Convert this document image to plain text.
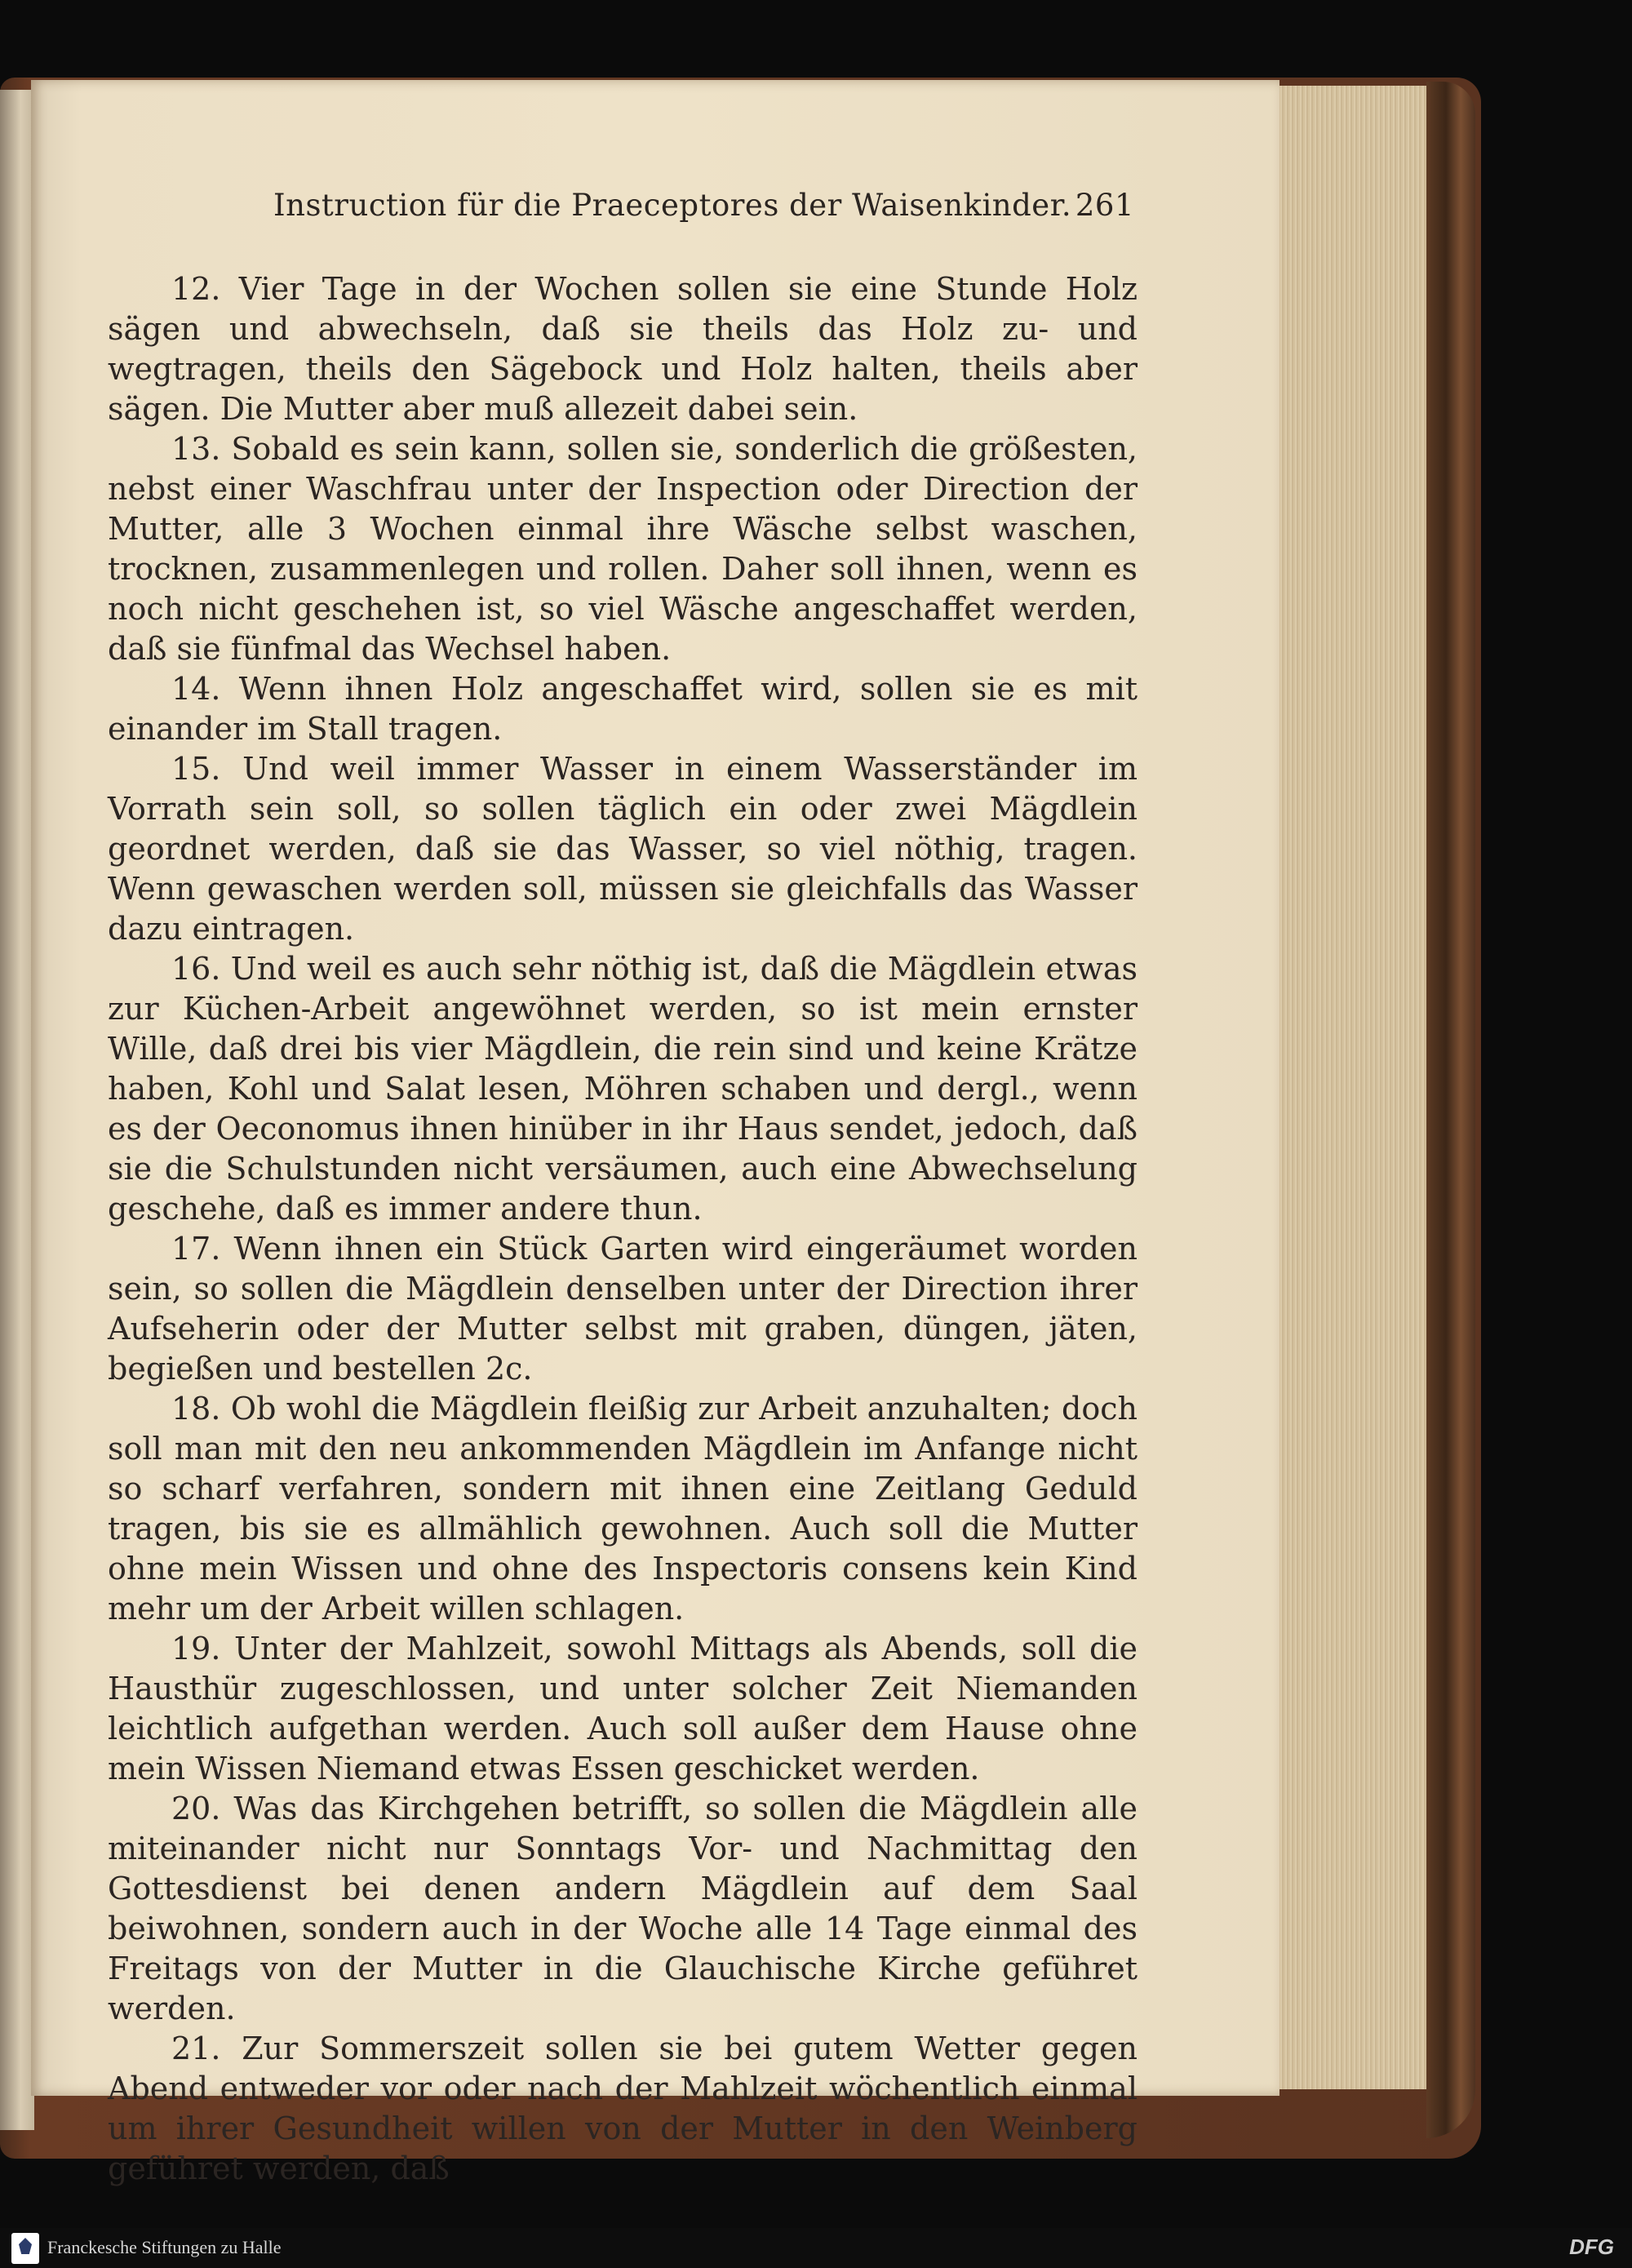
Instruction für die Praeceptores der Waisenkinder. 261

12. Vier Tage in der Wochen sollen sie eine Stunde Holz sägen und abwechseln, daß sie theils das Holz zu- und wegtragen, theils den Sägebock und Holz halten, theils aber sägen. Die Mutter aber muß allezeit dabei sein.

13. Sobald es sein kann, sollen sie, sonderlich die größesten, nebst einer Waschfrau unter der Inspection oder Direction der Mutter, alle 3 Wochen einmal ihre Wäsche selbst waschen, trocknen, zusammenlegen und rollen. Daher soll ihnen, wenn es noch nicht geschehen ist, so viel Wäsche angeschaffet werden, daß sie fünfmal das Wechsel haben.

14. Wenn ihnen Holz angeschaffet wird, sollen sie es mit einander im Stall tragen.

15. Und weil immer Wasser in einem Wasserständer im Vorrath sein soll, so sollen täglich ein oder zwei Mägdlein geordnet werden, daß sie das Wasser, so viel nöthig, tragen. Wenn gewaschen werden soll, müssen sie gleichfalls das Wasser dazu eintragen.

16. Und weil es auch sehr nöthig ist, daß die Mägdlein etwas zur Küchen-Arbeit angewöhnet werden, so ist mein ernster Wille, daß drei bis vier Mägdlein, die rein sind und keine Krätze haben, Kohl und Salat lesen, Möhren schaben und dergl., wenn es der Oeconomus ihnen hinüber in ihr Haus sendet, jedoch, daß sie die Schulstunden nicht versäumen, auch eine Abwechselung geschehe, daß es immer andere thun.

17. Wenn ihnen ein Stück Garten wird eingeräumet worden sein, so sollen die Mägdlein denselben unter der Direction ihrer Aufseherin oder der Mutter selbst mit graben, düngen, jäten, begießen und bestellen 2c.

18. Ob wohl die Mägdlein fleißig zur Arbeit anzuhalten; doch soll man mit den neu ankommenden Mägdlein im Anfange nicht so scharf verfahren, sondern mit ihnen eine Zeitlang Geduld tragen, bis sie es allmählich gewohnen. Auch soll die Mutter ohne mein Wissen und ohne des Inspectoris consens kein Kind mehr um der Arbeit willen schlagen.

19. Unter der Mahlzeit, sowohl Mittags als Abends, soll die Hausthür zugeschlossen, und unter solcher Zeit Niemanden leichtlich aufgethan werden. Auch soll außer dem Hause ohne mein Wissen Niemand etwas Essen geschicket werden.

20. Was das Kirchgehen betrifft, so sollen die Mägdlein alle miteinander nicht nur Sonntags Vor- und Nachmittag den Gottesdienst bei denen andern Mägdlein auf dem Saal beiwohnen, sondern auch in der Woche alle 14 Tage einmal des Freitags von der Mutter in die Glauchische Kirche geführet werden.

21. Zur Sommerszeit sollen sie bei gutem Wetter gegen Abend entweder vor oder nach der Mahlzeit wöchentlich einmal um ihrer Gesundheit willen von der Mutter in den Weinberg geführet werden, daß

Franckesche Stiftungen zu Halle	DFG
